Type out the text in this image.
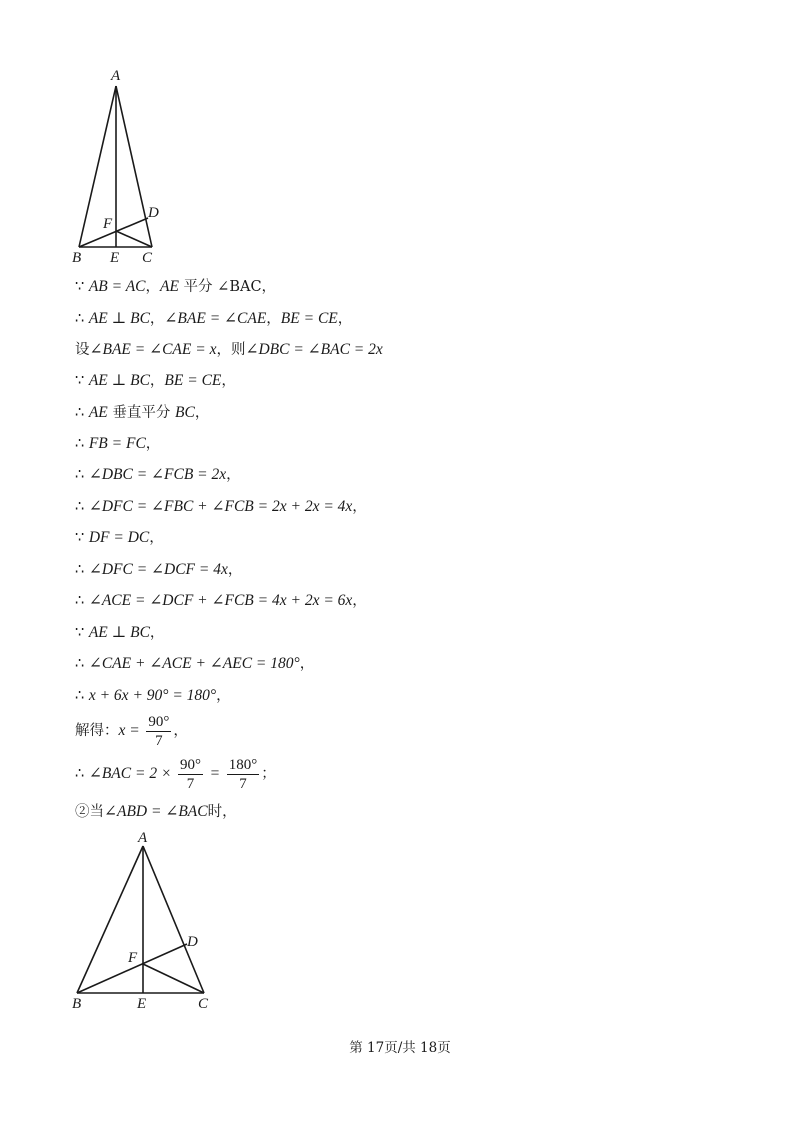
A
B	C
D
E
F
∵ AB = AC，AE 平分 ∠BAC，
∴ AE ⊥ BC，∠BAE = ∠CAE，BE = CE，
设∠BAE = ∠CAE = x，则∠DBC = ∠BAC = 2x
∵ AE ⊥ BC，BE = CE，
∴ AE 垂直平分 BC，
∴ FB = FC，
∴ ∠DBC = ∠FCB = 2x，
∴ ∠DFC = ∠FBC + ∠FCB = 2x + 2x = 4x，
∵ DF = DC，
∴ ∠DFC = ∠DCF = 4x，
∴ ∠ACE = ∠DCF + ∠FCB = 4x + 2x = 6x，
∵ AE ⊥ BC，
∴ ∠CAE + ∠ACE + ∠AEC = 180°，
∴ x + 6x + 90° = 180°，
解得：$x = \frac{90^\circ}{7}$ ，
∴ ∠BAC = $2 \times \frac{90^\circ}{7} = \frac{180^\circ}{7}$ ；
②当∠ABD = ∠BAC时，
A
B	C
D
E
F
第 17页/共 18页
